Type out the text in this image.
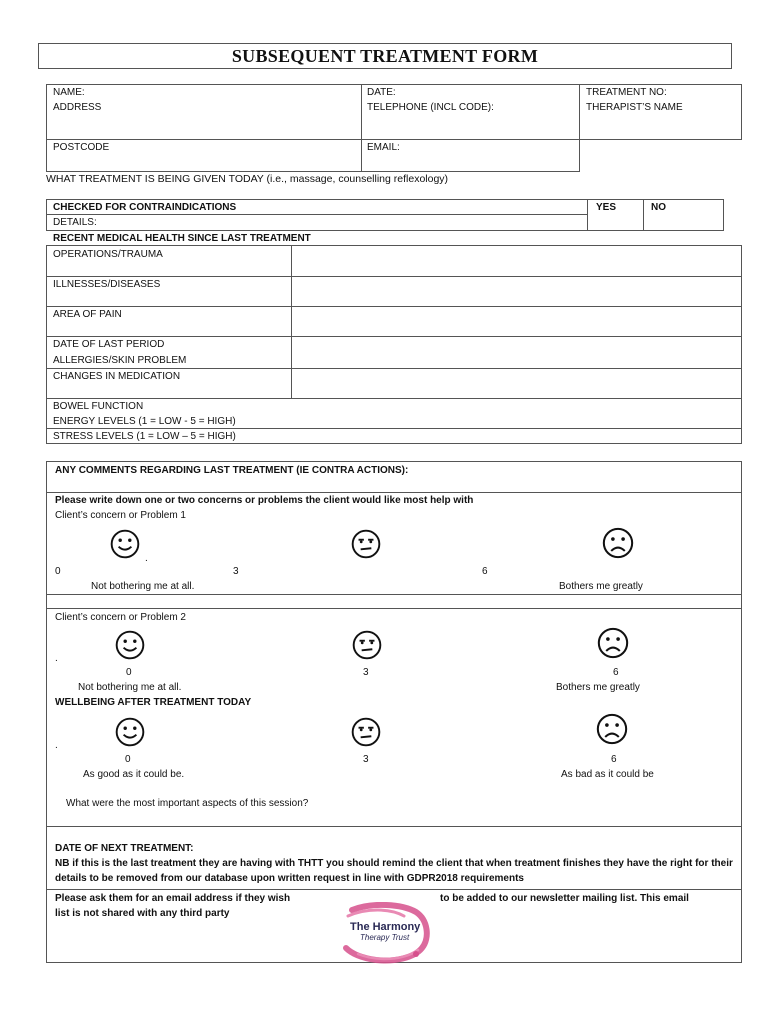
SUBSEQUENT TREATMENT FORM
NAME:
ADDRESS
DATE:
TELEPHONE (INCL CODE):
TREATMENT NO:
THERAPIST’S NAME
POSTCODE	EMAIL:
WHAT TREATMENT IS BEING GIVEN TODAY (i.e., massage, counselling reflexology)
CHECKED FOR CONTRAINDICATIONS	YES	NO
DETAILS:
RECENT MEDICAL HEALTH SINCE LAST TREATMENT
OPERATIONS/TRAUMA
ILLNESSES/DISEASES
AREA OF PAIN
DATE OF LAST PERIOD
ALLERGIES/SKIN PROBLEM
CHANGES IN MEDICATION
BOWEL FUNCTION
ENERGY LEVELS (1 = LOW - 5 = HIGH)
STRESS LEVELS (1 = LOW – 5 = HIGH)
ANY COMMENTS REGARDING LAST TREATMENT (IE CONTRA ACTIONS):
Please write down one or two concerns or problems the client would like most help with
Client’s concern or Problem 1
.
0	3	6
Not bothering me at all.	Bothers me greatly
Client’s concern or Problem 2
.
0	3	6
Not bothering me at all.	Bothers me greatly
WELLBEING AFTER TREATMENT TODAY
.
0	3	6
As good as it could be.	As bad as it could be
What were the most important aspects of this session?
DATE OF NEXT TREATMENT:
NB if this is the last treatment they are having with THTT you should remind the client that when treatment finishes they have the right for their details to be removed from our database upon written request in line with GDPR2018 requirements
Please ask them for an email address if they wish	to be added to our newsletter mailing list. This email
list is not shared with any third party
The Harmony
Therapy Trust
